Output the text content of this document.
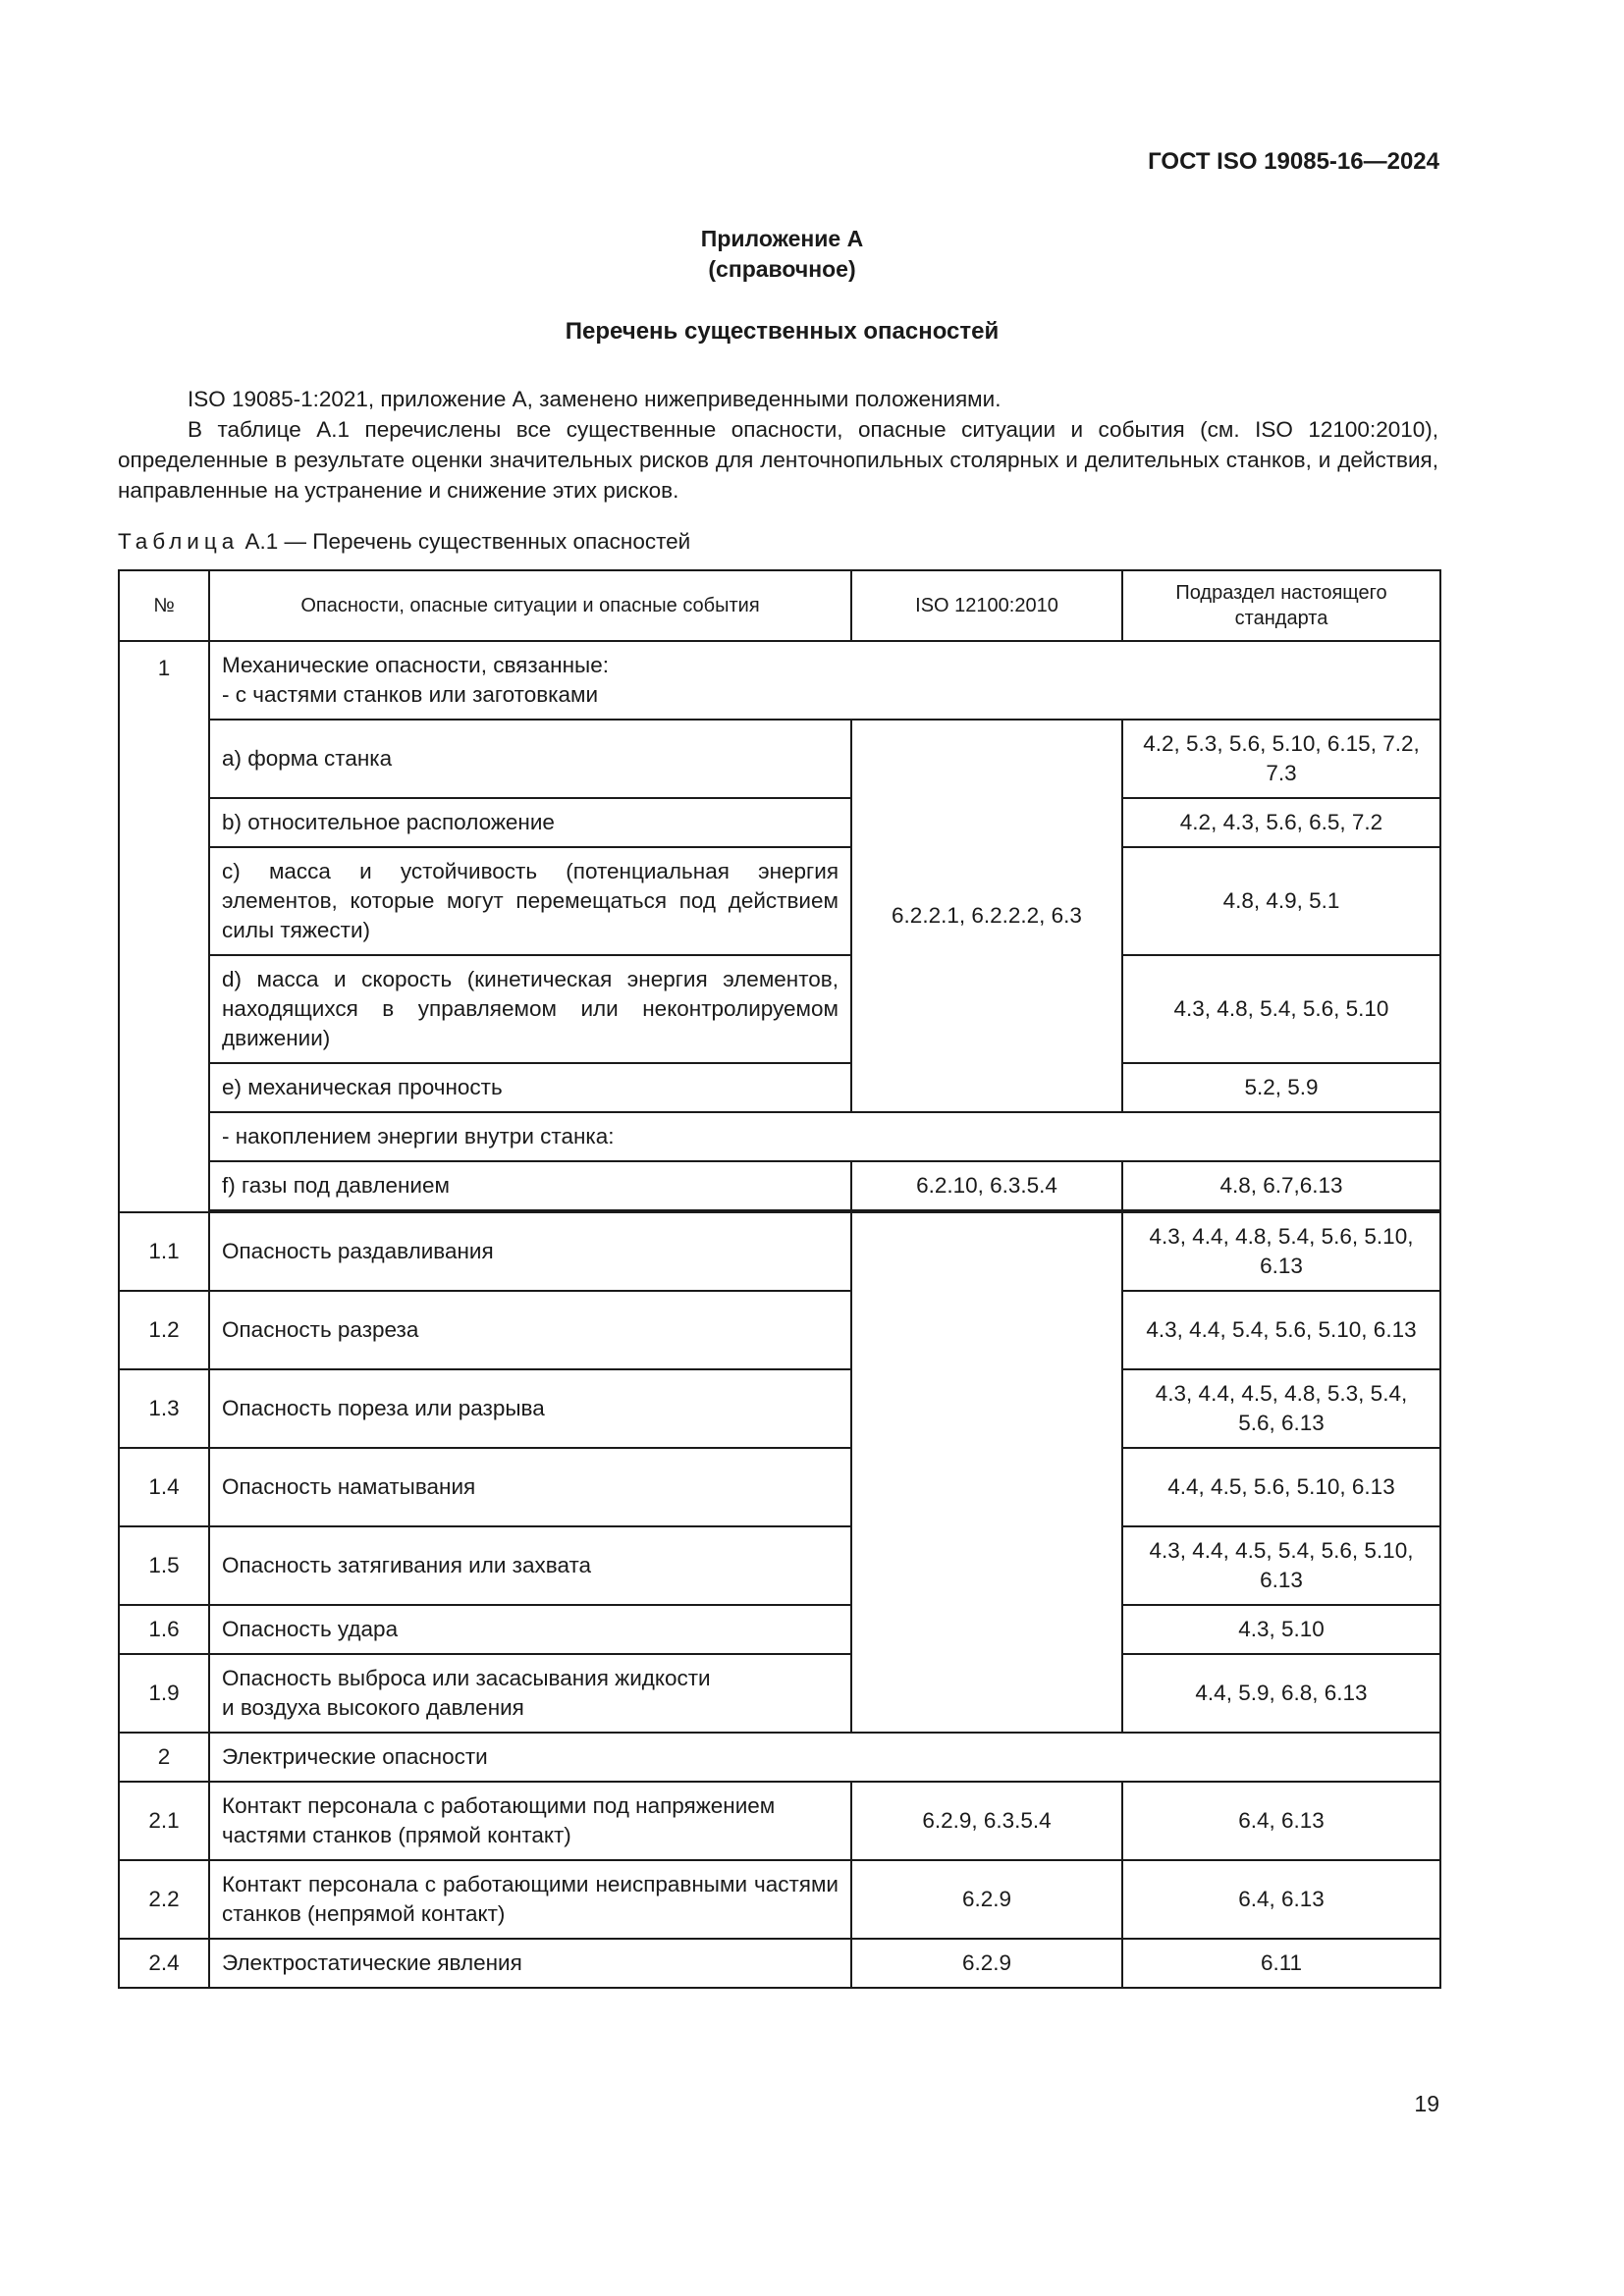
ГОСТ ISO 19085-16—2024
Приложение А
(справочное)
Перечень существенных опасностей

ISO 19085-1:2021, приложение А, заменено нижеприведенными положениями.

В таблице А.1 перечислены все существенные опасности, опасные ситуации и события (см. ISO 12100:2010), определенные в результате оценки значительных рисков для ленточнопильных столярных и делительных станков, и действия, направленные на устранение и снижение этих рисков.

Таблица А.1 — Перечень существенных опасностей
№	Опасности, опасные ситуации и опасные события	ISO 12100:2010	Подраздел настоящего стандарта
1	Механические опасности, связанные:
- с частями станков или заготовками		

	a) форма станка	6.2.2.1, 6.2.2.2, 6.3	4.2, 5.3, 5.6, 5.10, 6.15, 7.2, 7.3
	b) относительное расположение		4.2, 4.3, 5.6, 6.5, 7.2
	c) масса и устойчивость (потенциальная энергия элементов, которые могут перемещаться под действием силы тяжести)		4.8, 4.9, 5.1
	d) масса и скорость (кинетическая энергия элементов, находящихся в управляемом или неконтролируемом движении)		4.3, 4.8, 5.4, 5.6, 5.10
	e) механическая прочность		5.2, 5.9
	- накоплением энергии внутри станка:		
	f) газы под давлением	6.2.10, 6.3.5.4	4.8, 6.7,6.13

1.1	Опасность раздавливания		4.3, 4.4, 4.8, 5.4, 5.6, 5.10, 6.13
1.2	Опасность разреза		4.3, 4.4, 5.4, 5.6, 5.10, 6.13
1.3	Опасность пореза или разрыва		4.3, 4.4, 4.5, 4.8, 5.3, 5.4, 5.6, 6.13
1.4	Опасность наматывания		4.4, 4.5, 5.6, 5.10, 6.13
1.5	Опасность затягивания или захвата		4.3, 4.4, 4.5, 5.4, 5.6, 5.10, 6.13
1.6	Опасность удара		4.3, 5.10
1.9	Опасность выброса или засасывания жидкости
и воздуха высокого давления		4.4, 5.9, 6.8, 6.13
2	Электрические опасности		
2.1	Контакт персонала с работающими под напряжением частями станков (прямой контакт)	6.2.9, 6.3.5.4	6.4, 6.13
2.2	Контакт персонала с работающими неисправными частями станков (непрямой контакт)	6.2.9	6.4, 6.13
2.4	Электростатические явления	6.2.9	6.11
19
